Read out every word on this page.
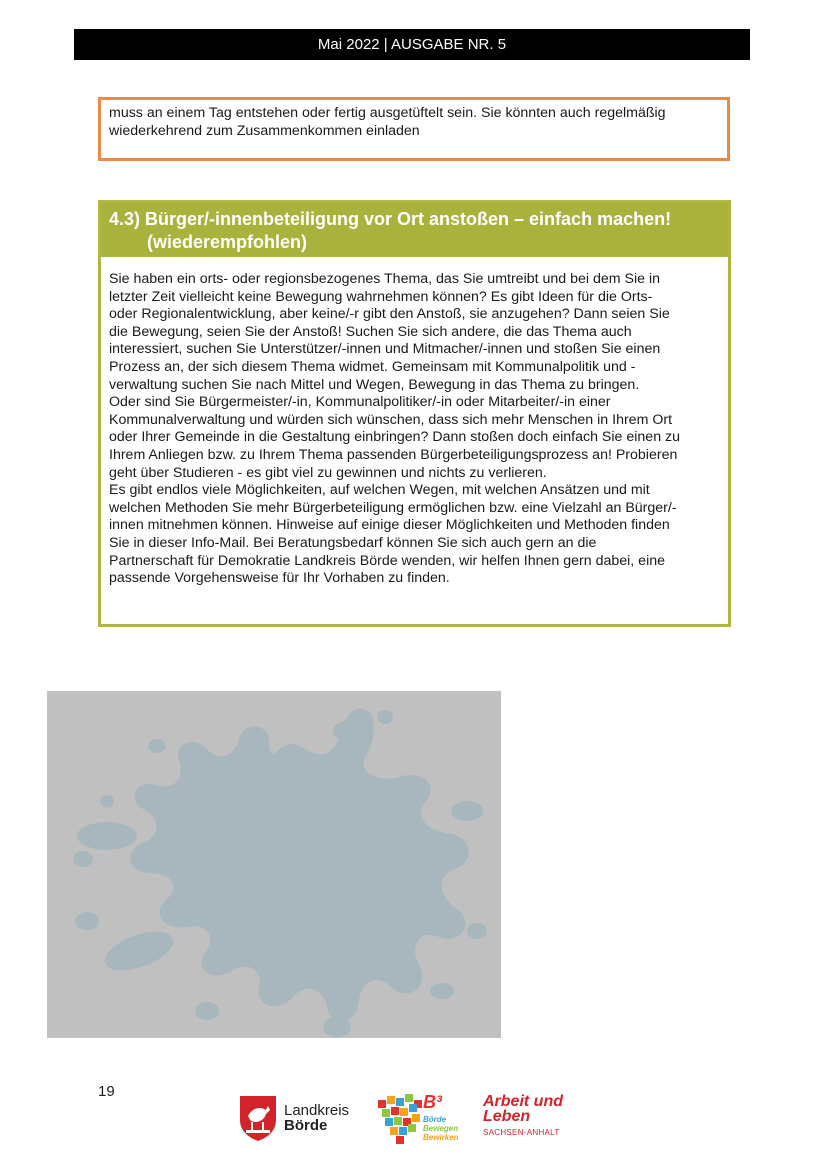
Mai 2022 | AUSGABE NR. 5

muss an einem Tag entstehen oder fertig ausgetüftelt sein. Sie könnten auch regelmäßig
wiederkehrend zum Zusammenkommen einladen

4.3) Bürger/-innenbeteiligung vor Ort anstoßen – einfach machen!
(wiederempfohlen)

Sie haben ein orts- oder regionsbezogenes Thema, das Sie umtreibt und bei dem Sie in

letzter Zeit vielleicht keine Bewegung wahrnehmen können? Es gibt Ideen für die Orts-

oder Regionalentwicklung, aber keine/-r gibt den Anstoß, sie anzugehen? Dann seien Sie

die Bewegung, seien Sie der Anstoß! Suchen Sie sich andere, die das Thema auch

interessiert, suchen Sie Unterstützer/-innen und Mitmacher/-innen und stoßen Sie einen

Prozess an, der sich diesem Thema widmet. Gemeinsam mit Kommunalpolitik und -

verwaltung suchen Sie nach Mittel und Wegen, Bewegung in das Thema zu bringen.

Oder sind Sie Bürgermeister/-in, Kommunalpolitiker/-in oder Mitarbeiter/-in einer

Kommunalverwaltung und würden sich wünschen, dass sich mehr Menschen in Ihrem Ort

oder Ihrer Gemeinde in die Gestaltung einbringen? Dann stoßen doch einfach Sie einen zu

Ihrem Anliegen bzw. zu Ihrem Thema passenden Bürgerbeteiligungsprozess an! Probieren

geht über Studieren - es gibt viel zu gewinnen und nichts zu verlieren.

Es gibt endlos viele Möglichkeiten, auf welchen Wegen, mit welchen Ansätzen und mit

welchen Methoden Sie mehr Bürgerbeteiligung ermöglichen bzw. eine Vielzahl an Bürger/-

innen mitnehmen können. Hinweise auf einige dieser Möglichkeiten und Methoden finden

Sie in dieser Info-Mail. Bei Beratungsbedarf können Sie sich auch gern an die

Partnerschaft für Demokratie Landkreis Börde wenden, wir helfen Ihnen gern dabei, eine

passende Vorgehensweise für Ihr Vorhaben zu finden.

19
Landkreis
Börde
B³
Börde
Bewegen
Bewirken
Arbeit und
Leben
SACHSEN-ANHALT
